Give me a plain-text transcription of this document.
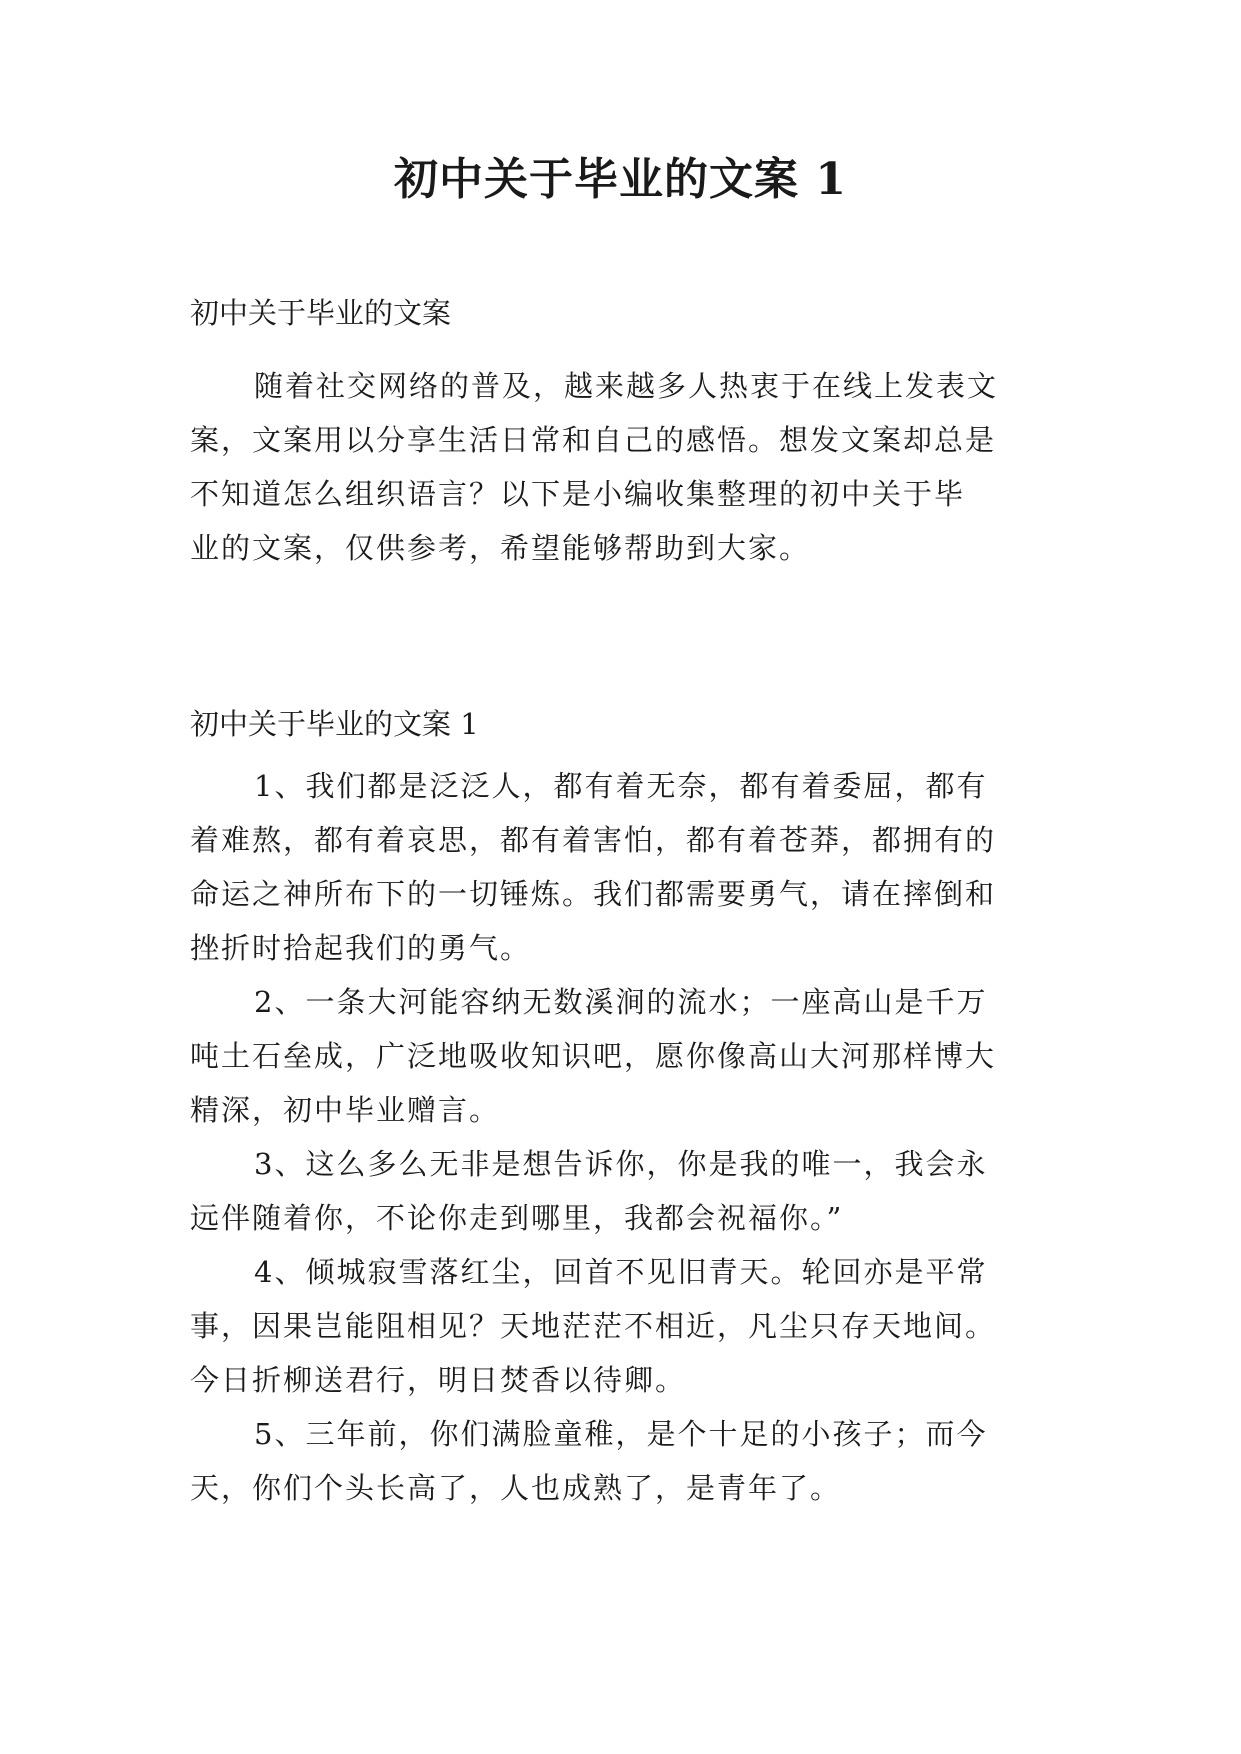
初中关于毕业的文案 1
初中关于毕业的文案
随着社交网络的普及，越来越多人热衷于在线上发表文
案，文案用以分享生活日常和自己的感悟。想发文案却总是
不知道怎么组织语言？以下是小编收集整理的初中关于毕
业的文案，仅供参考，希望能够帮助到大家。
初中关于毕业的文案 1
1、我们都是泛泛人，都有着无奈，都有着委屈，都有
着难熬，都有着哀思，都有着害怕，都有着苍莽，都拥有的
命运之神所布下的一切锤炼。我们都需要勇气，请在摔倒和
挫折时拾起我们的勇气。
2、一条大河能容纳无数溪涧的流水；一座高山是千万
吨土石垒成，广泛地吸收知识吧，愿你像高山大河那样博大
精深，初中毕业赠言。
3、这么多么无非是想告诉你，你是我的唯一，我会永
远伴随着你，不论你走到哪里，我都会祝福你。”
4、倾城寂雪落红尘，回首不见旧青天。轮回亦是平常
事，因果岂能阻相见？天地茫茫不相近，凡尘只存天地间。
今日折柳送君行，明日焚香以待卿。
5、三年前，你们满脸童稚，是个十足的小孩子；而今
天，你们个头长高了，人也成熟了，是青年了。
